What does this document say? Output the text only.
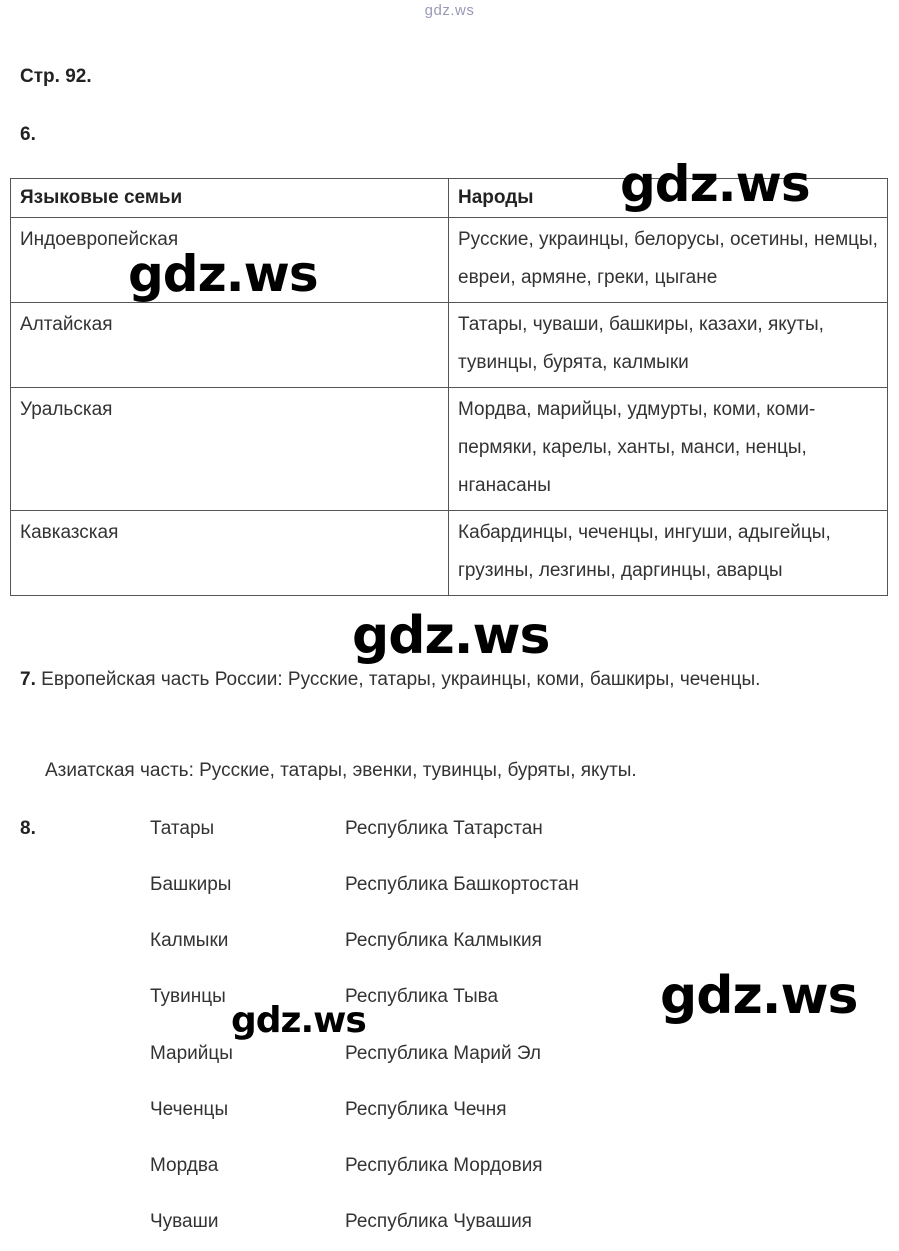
gdz.ws
Стр. 92.
6.
Языковые семьи	Народы
Индоевропейская	Русские, украинцы, белорусы, осетины, немцы, евреи, армяне, греки, цыгане
Алтайская	Татары, чуваши, башкиры, казахи, якуты, тувинцы, бурята, калмыки
Уральская	Мордва, марийцы, удмурты, коми, коми-пермяки, карелы, ханты, манси, ненцы, нганасаны
Кавказская	Кабардинцы, чеченцы, ингуши, адыгейцы, грузины, лезгины, даргинцы, аварцы
7. Европейская часть России: Русские, татары, украинцы, коми, башкиры, чеченцы.
Азиатская часть: Русские, татары, эвенки, тувинцы, буряты, якуты.
8.	Татары	Республика Татарстан
Башкиры	Республика Башкортостан
Калмыки	Республика Калмыкия
Тувинцы	Республика Тыва
Марийцы	Республика Марий Эл
Чеченцы	Республика Чечня
Мордва	Республика Мордовия
Чуваши	Республика Чувашия
gdz.ws
gdz.ws
gdz.ws
gdz.ws
gdz.ws
